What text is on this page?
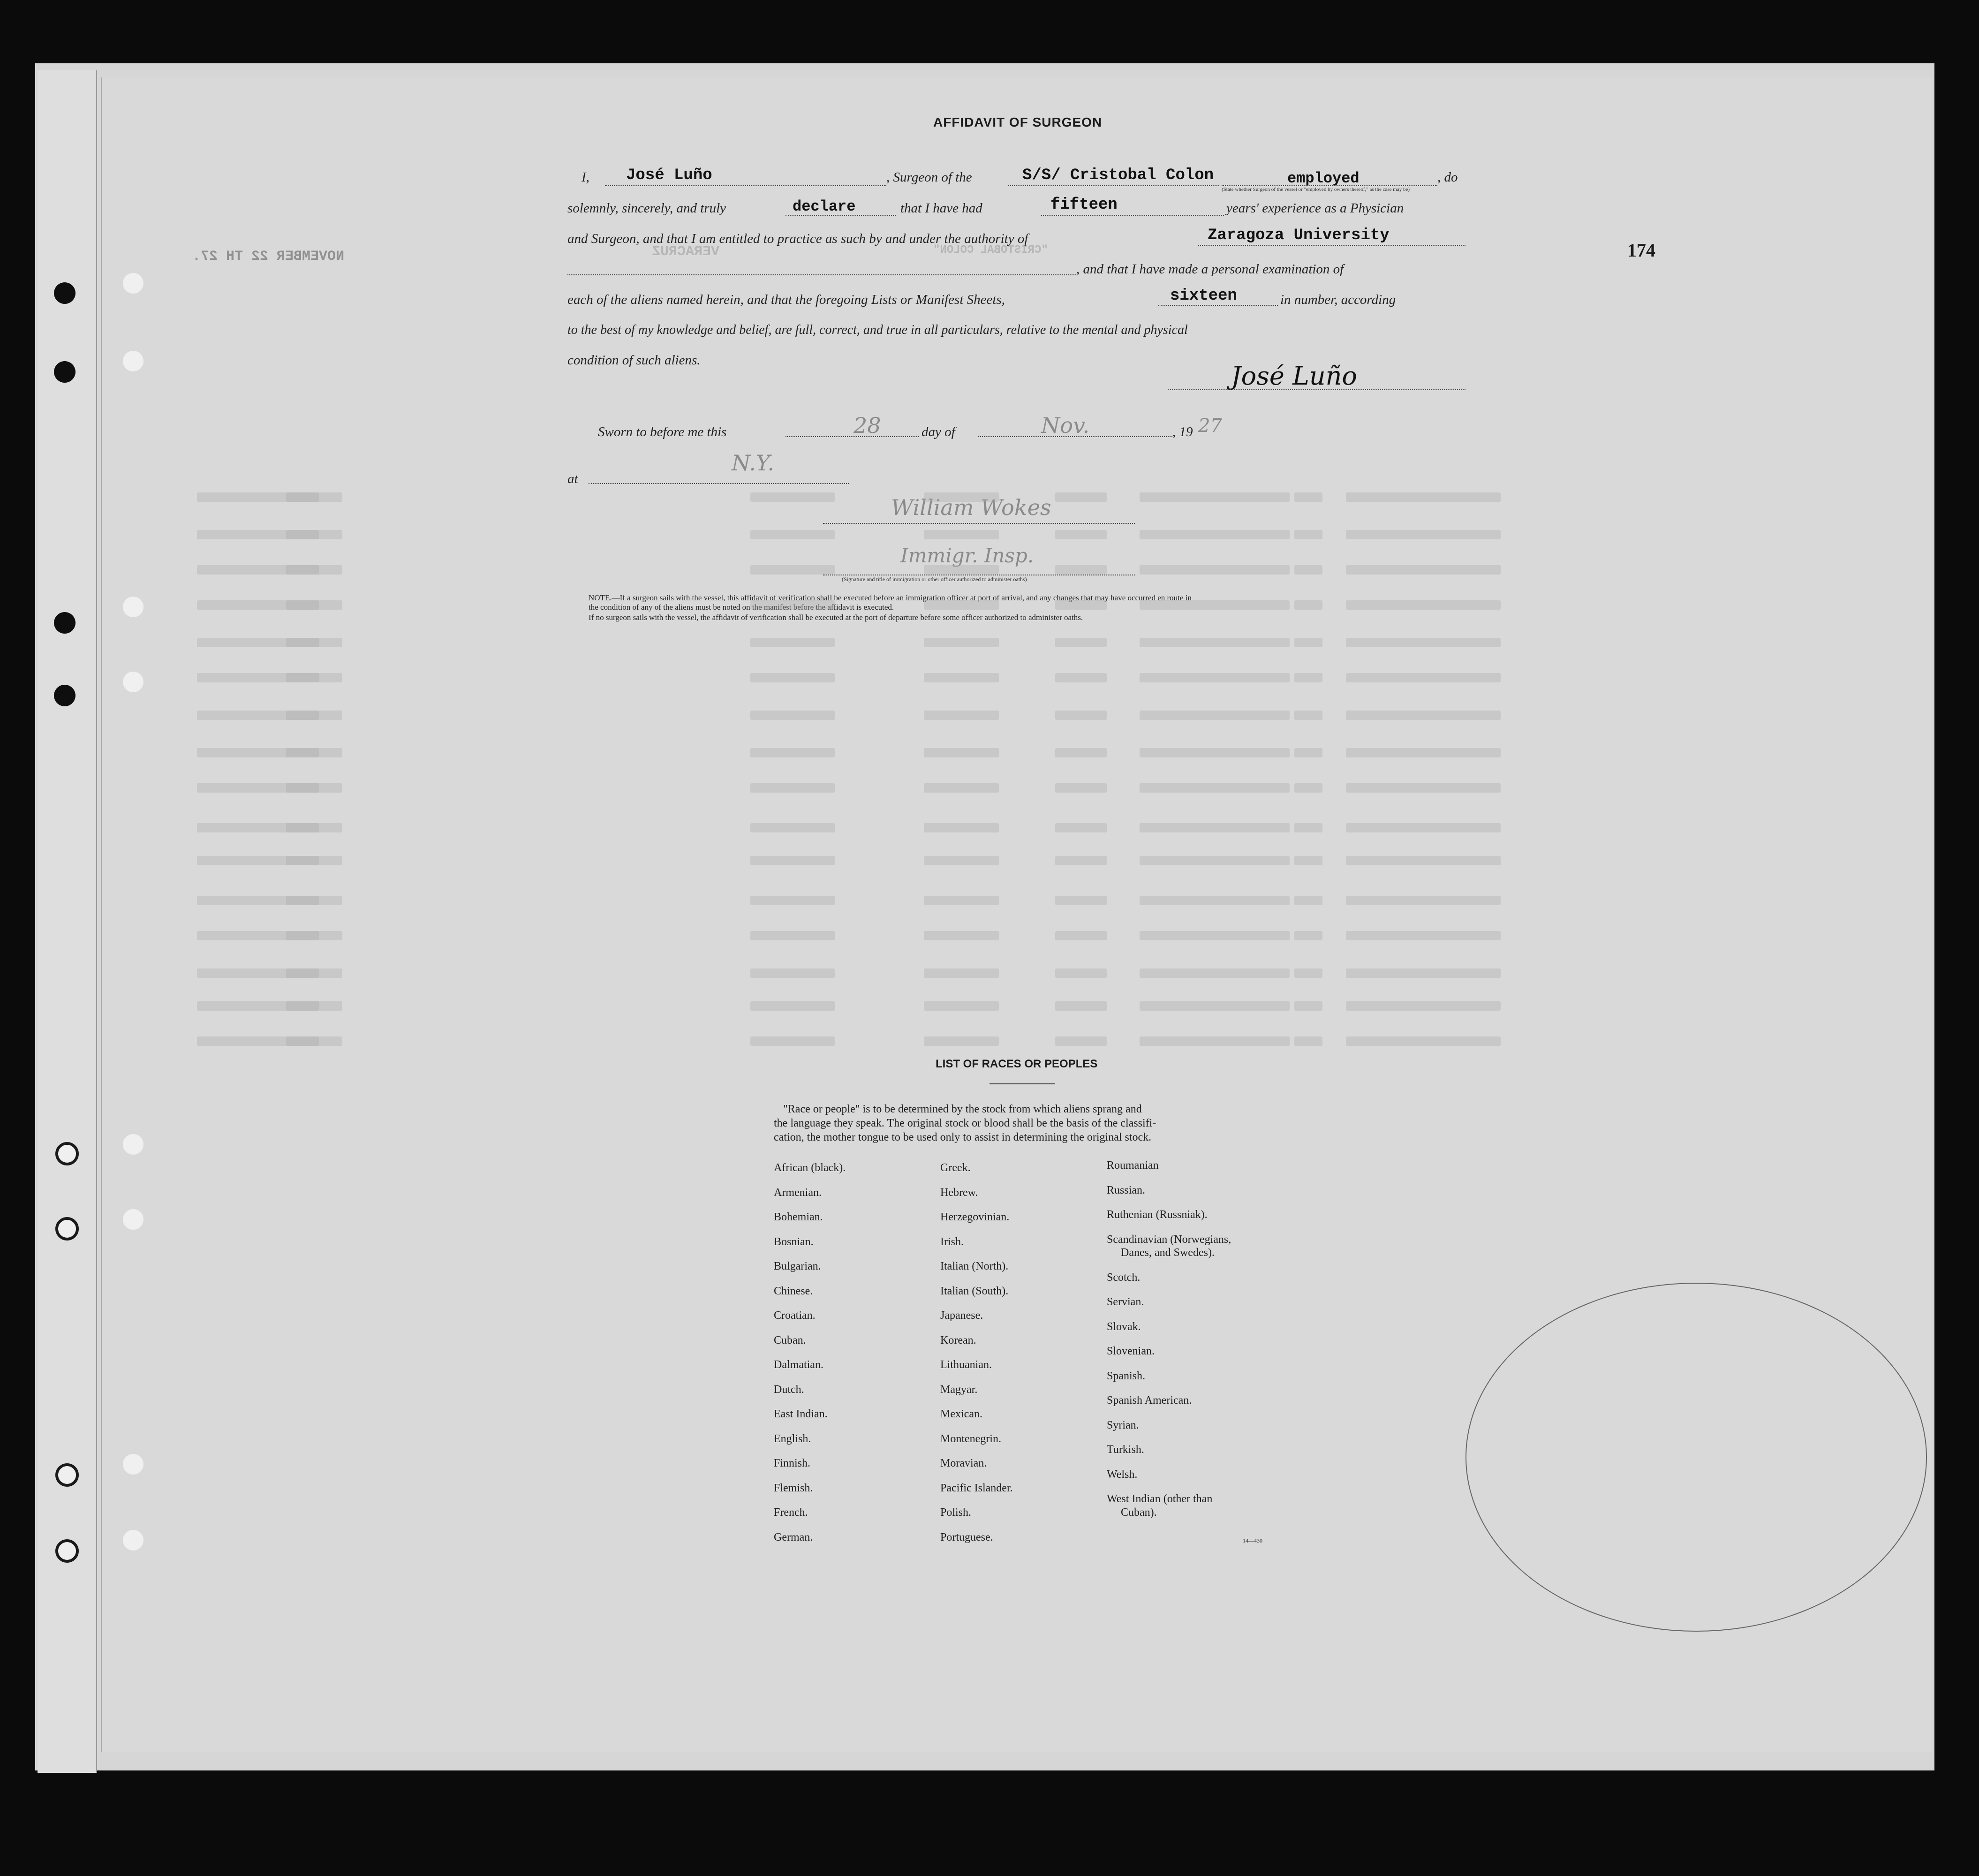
NOVEMBER 22 TH 27.	VERACRUZ	"CRISTOBAL COLON"	174
AFFIDAVIT OF SURGEON
I, José Luño	, Surgeon of the	S/S/ Cristobal Colon	employed	, do
(State whether Surgeon of the vessel or "employed by owners thereof," as the case may be)
solemnly, sincerely, and truly	declare	that I have had	fifteen	years' experience as a Physician
and Surgeon, and that I am entitled to practice as such by and under the authority of	Zaragoza University
, and that I have made a personal examination of
each of the aliens named herein, and that the foregoing Lists or Manifest Sheets,	sixteen	in number, according
to the best of my knowledge and belief, are full, correct, and true in all particulars, relative to the mental and physical
condition of such aliens.
José Luño
Sworn to before me this	28	day of	Nov.	, 19 27
at
N.Y.
William Wokes
Immigr. Insp.
(Signature and title of immigration or other officer authorized to administer oaths)
NOTE.—If a surgeon sails with the vessel, this affidavit of verification shall be executed before an immigration officer at port of arrival, and any changes that may have occurred en route in
the condition of any of the aliens must be noted on the manifest before the affidavit is executed.
If no surgeon sails with the vessel, the affidavit of verification shall be executed at the port of departure before some officer authorized to administer oaths.
LIST OF RACES OR PEOPLES
"Race or people" is to be determined by the stock from which aliens sprang and
the language they speak. The original stock or blood shall be the basis of the classifi-
cation, the mother tongue to be used only to assist in determining the original stock.
African (black).
Armenian.
Bohemian.
Bosnian.
Bulgarian.
Chinese.
Croatian.
Cuban.
Dalmatian.
Dutch.
East Indian.
English.
Finnish.
Flemish.
French.
German.
Greek.
Hebrew.
Herzegovinian.
Irish.
Italian (North).
Italian (South).
Japanese.
Korean.
Lithuanian.
Magyar.
Mexican.
Montenegrin.
Moravian.
Pacific Islander.
Polish.
Portuguese.
Roumanian
Russian.
Ruthenian (Russniak).
Scandinavian (Norwegians,
Danes, and Swedes).
Scotch.
Servian.
Slovak.
Slovenian.
Spanish.
Spanish American.
Syrian.
Turkish.
Welsh.
West Indian (other than
Cuban).
14—430
